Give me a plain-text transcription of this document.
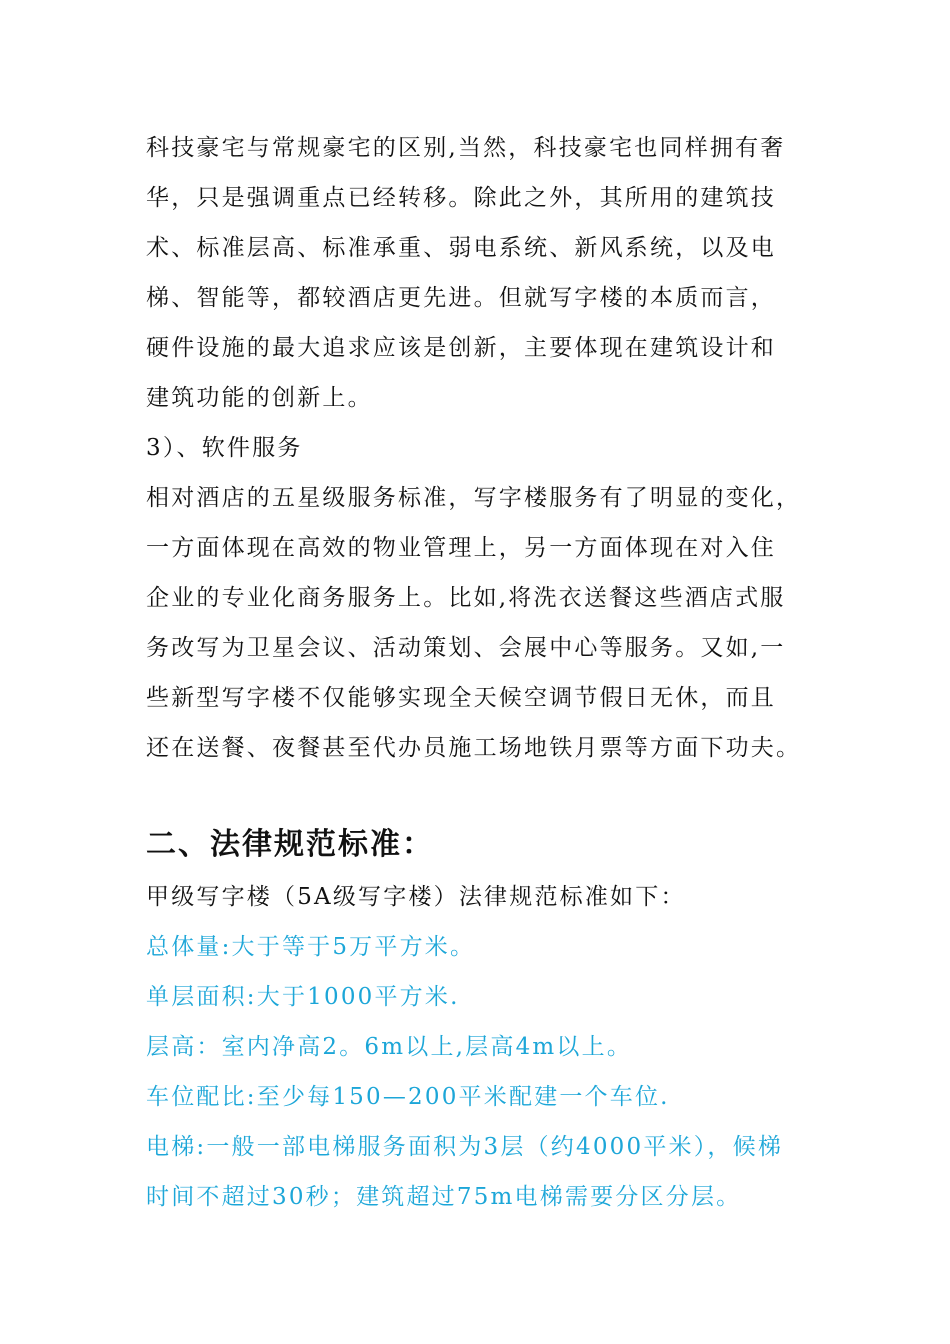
科技豪宅与常规豪宅的区别,当然，科技豪宅也同样拥有奢
华，只是强调重点已经转移。除此之外，其所用的建筑技
术、标准层高、标准承重、弱电系统、新风系统，以及电
梯、智能等，都较酒店更先进。但就写字楼的本质而言，
硬件设施的最大追求应该是创新，主要体现在建筑设计和
建筑功能的创新上。
3）、软件服务
相对酒店的五星级服务标准，写字楼服务有了明显的变化，
一方面体现在高效的物业管理上，另一方面体现在对入住
企业的专业化商务服务上。比如,将洗衣送餐这些酒店式服
务改写为卫星会议、活动策划、会展中心等服务。又如,一
些新型写字楼不仅能够实现全天候空调节假日无休，而且
还在送餐、夜餐甚至代办员施工场地铁月票等方面下功夫。
二、法律规范标准：
甲级写字楼（5A级写字楼）法律规范标准如下：
总体量:大于等于5万平方米。
单层面积:大于1000平方米.
层高：室内净高2。6m以上,层高4m以上。
车位配比:至少每150—200平米配建一个车位.
电梯:一般一部电梯服务面积为3层（约4000平米），候梯
时间不超过30秒；建筑超过75m电梯需要分区分层。
